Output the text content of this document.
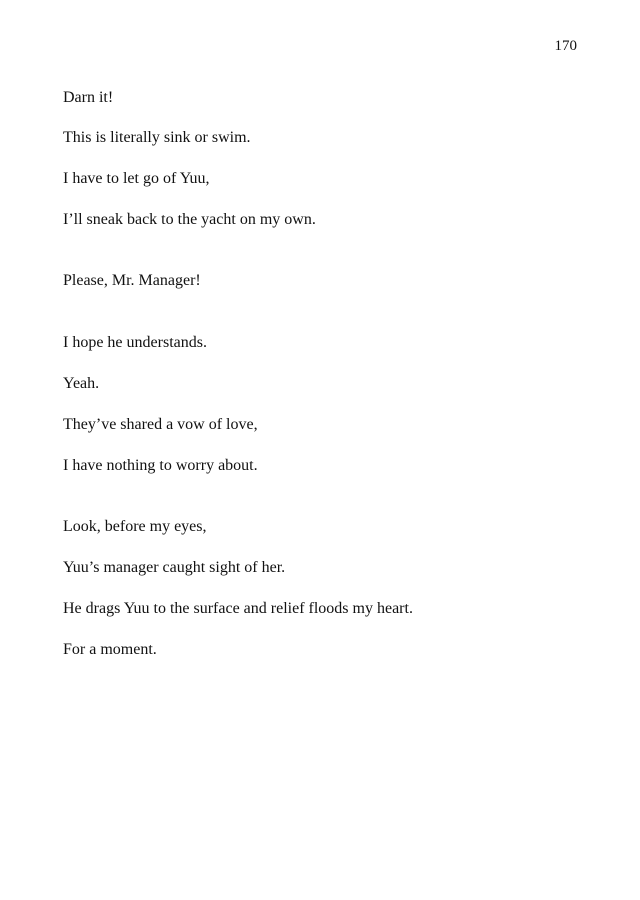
170

Darn it!

This is literally sink or swim.

I have to let go of Yuu,

I’ll sneak back to the yacht on my own.

Please, Mr. Manager!

I hope he understands.

Yeah.

They’ve shared a vow of love,

I have nothing to worry about.

Look, before my eyes,

Yuu’s manager caught sight of her.

He drags Yuu to the surface and relief floods my heart.

For a moment.
